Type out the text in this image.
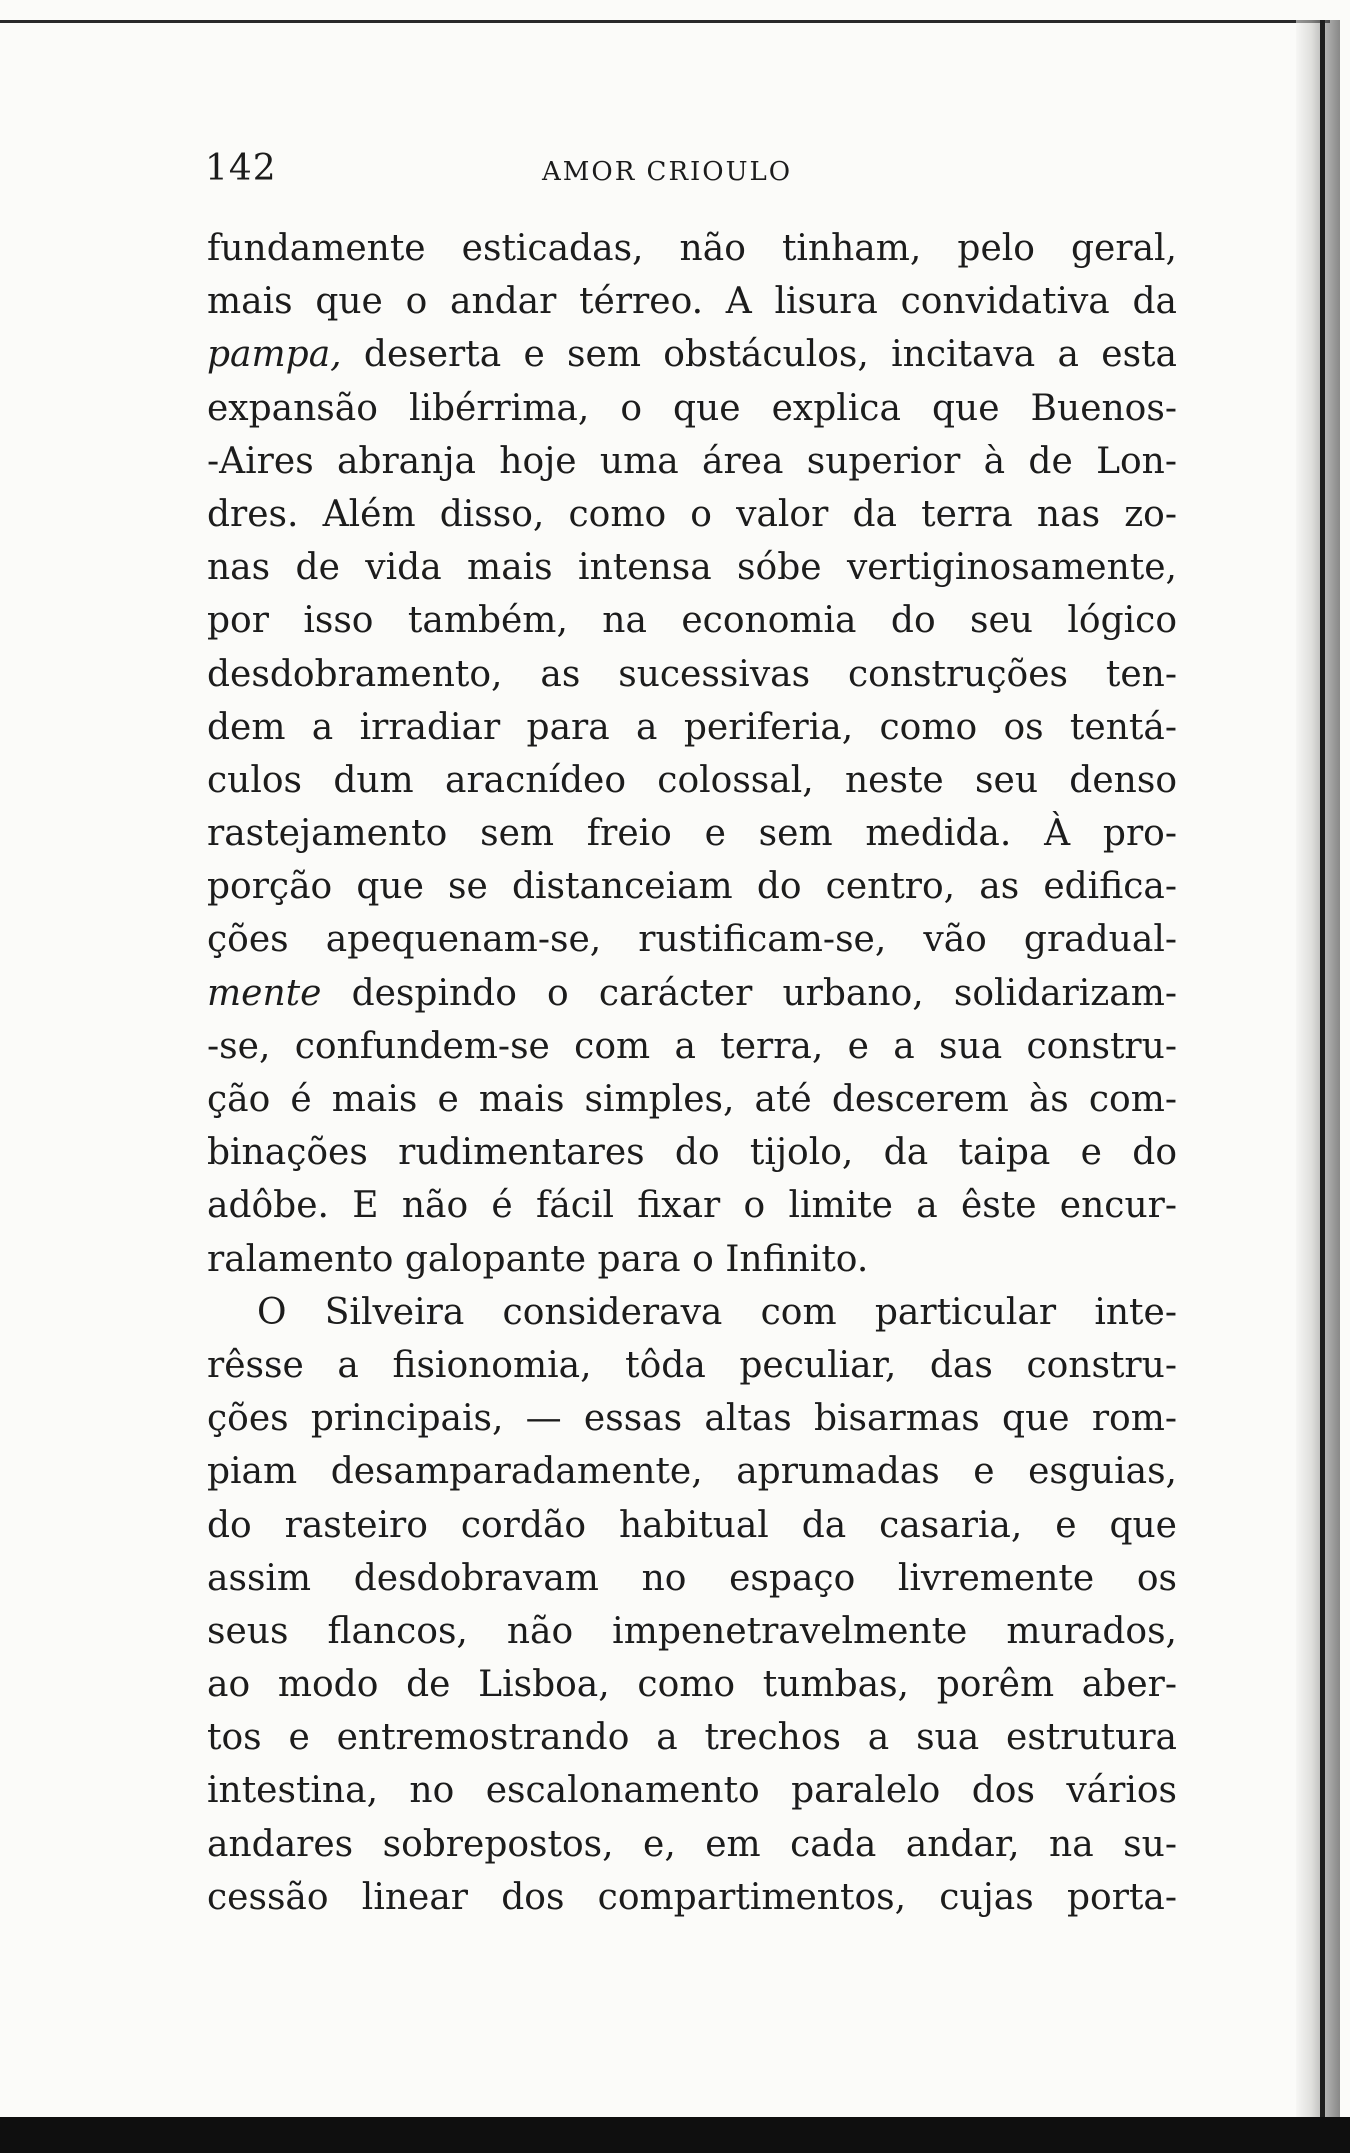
142	AMOR CRIOULO
fundamente esticadas, não tinham, pelo geral,
mais que o andar térreo. A lisura convidativa da
pampa, deserta e sem obstáculos, incitava a esta
expansão libérrima, o que explica que Buenos-
-Aires abranja hoje uma área superior à de Lon-
dres. Além disso, como o valor da terra nas zo-
nas de vida mais intensa sóbe vertiginosamente,
por isso também, na economia do seu lógico
desdobramento, as sucessivas construções ten-
dem a irradiar para a periferia, como os tentá-
culos dum aracnídeo colossal, neste seu denso
rastejamento sem freio e sem medida. À pro-
porção que se distanceiam do centro, as edifica-
ções apequenam-se, rustificam-se, vão gradual-
mente despindo o carácter urbano, solidarizam-
-se, confundem-se com a terra, e a sua constru-
ção é mais e mais simples, até descerem às com-
binações rudimentares do tijolo, da taipa e do
adôbe. E não é fácil fixar o limite a êste encur-
ralamento galopante para o Infinito.
O Silveira considerava com particular inte-
rêsse a fisionomia, tôda peculiar, das constru-
ções principais, — essas altas bisarmas que rom-
piam desamparadamente, aprumadas e esguias,
do rasteiro cordão habitual da casaria, e que
assim desdobravam no espaço livremente os
seus flancos, não impenetravelmente murados,
ao modo de Lisboa, como tumbas, porêm aber-
tos e entremostrando a trechos a sua estrutura
intestina, no escalonamento paralelo dos vários
andares sobrepostos, e, em cada andar, na su-
cessão linear dos compartimentos, cujas porta-
